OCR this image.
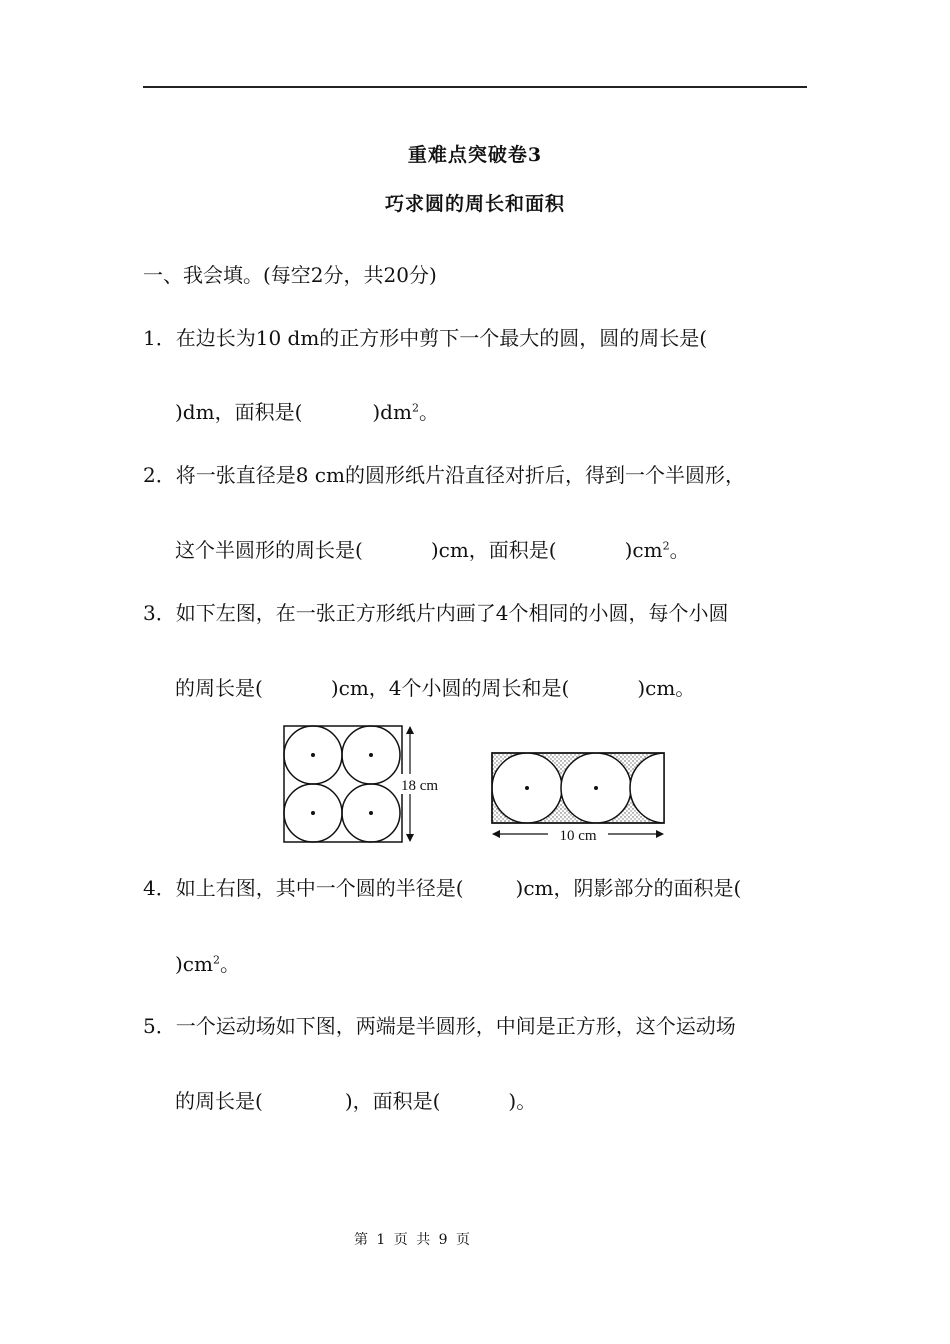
重难点突破卷3
巧求圆的周长和面积
一、我会填。(每空2分，共20分)
1．在边长为10 dm的正方形中剪下一个最大的圆，圆的周长是(
)dm，面积是(	)$dm^2$。
2．将一张直径是8 cm的圆形纸片沿直径对折后，得到一个半圆形，
这个半圆形的周长是(	)cm，面积是(	)$cm^2$。
3．如下左图，在一张正方形纸片内画了4个相同的小圆，每个小圆
的周长是(	)cm，4个小圆的周长和是(	)cm。
18 cm
10 cm
4．如上右图，其中一个圆的半径是(	)cm，阴影部分的面积是(
)$cm^2$。
5．一个运动场如下图，两端是半圆形，中间是正方形，这个运动场
的周长是(	)，面积是(	)。
第 1 页 共 9 页
